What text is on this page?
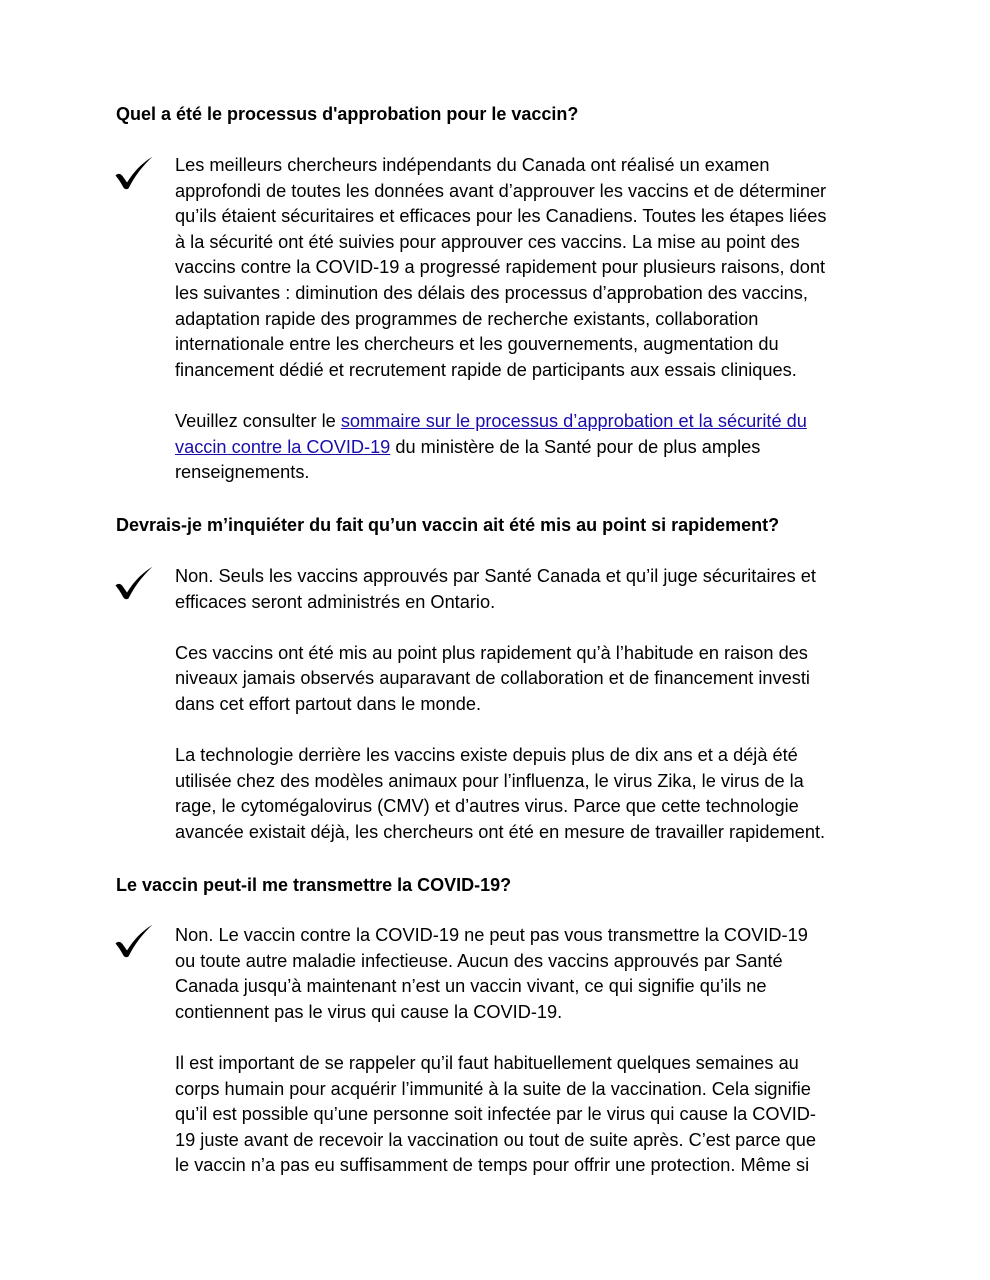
Quel a été le processus d'approbation pour le vaccin?

Les meilleurs chercheurs indépendants du Canada ont réalisé un examen
approfondi de toutes les données avant d’approuver les vaccins et de déterminer
qu’ils étaient sécuritaires et efficaces pour les Canadiens. Toutes les étapes liées
à la sécurité ont été suivies pour approuver ces vaccins. La mise au point des
vaccins contre la COVID-19 a progressé rapidement pour plusieurs raisons, dont
les suivantes : diminution des délais des processus d’approbation des vaccins,
adaptation rapide des programmes de recherche existants, collaboration
internationale entre les chercheurs et les gouvernements, augmentation du
financement dédié et recrutement rapide de participants aux essais cliniques.

Veuillez consulter le sommaire sur le processus d’approbation et la sécurité du
vaccin contre la COVID-19 du ministère de la Santé pour de plus amples
renseignements.

Devrais-je m’inquiéter du fait qu’un vaccin ait été mis au point si rapidement?

Non. Seuls les vaccins approuvés par Santé Canada et qu’il juge sécuritaires et
efficaces seront administrés en Ontario.

Ces vaccins ont été mis au point plus rapidement qu’à l’habitude en raison des
niveaux jamais observés auparavant de collaboration et de financement investi
dans cet effort partout dans le monde.

La technologie derrière les vaccins existe depuis plus de dix ans et a déjà été
utilisée chez des modèles animaux pour l’influenza, le virus Zika, le virus de la
rage, le cytomégalovirus (CMV) et d’autres virus. Parce que cette technologie
avancée existait déjà, les chercheurs ont été en mesure de travailler rapidement.

Le vaccin peut-il me transmettre la COVID-19?

Non. Le vaccin contre la COVID-19 ne peut pas vous transmettre la COVID-19
ou toute autre maladie infectieuse. Aucun des vaccins approuvés par Santé
Canada jusqu’à maintenant n’est un vaccin vivant, ce qui signifie qu’ils ne
contiennent pas le virus qui cause la COVID-19.

Il est important de se rappeler qu’il faut habituellement quelques semaines au
corps humain pour acquérir l’immunité à la suite de la vaccination. Cela signifie
qu’il est possible qu’une personne soit infectée par le virus qui cause la COVID-
19 juste avant de recevoir la vaccination ou tout de suite après. C’est parce que
le vaccin n’a pas eu suffisamment de temps pour offrir une protection. Même si
